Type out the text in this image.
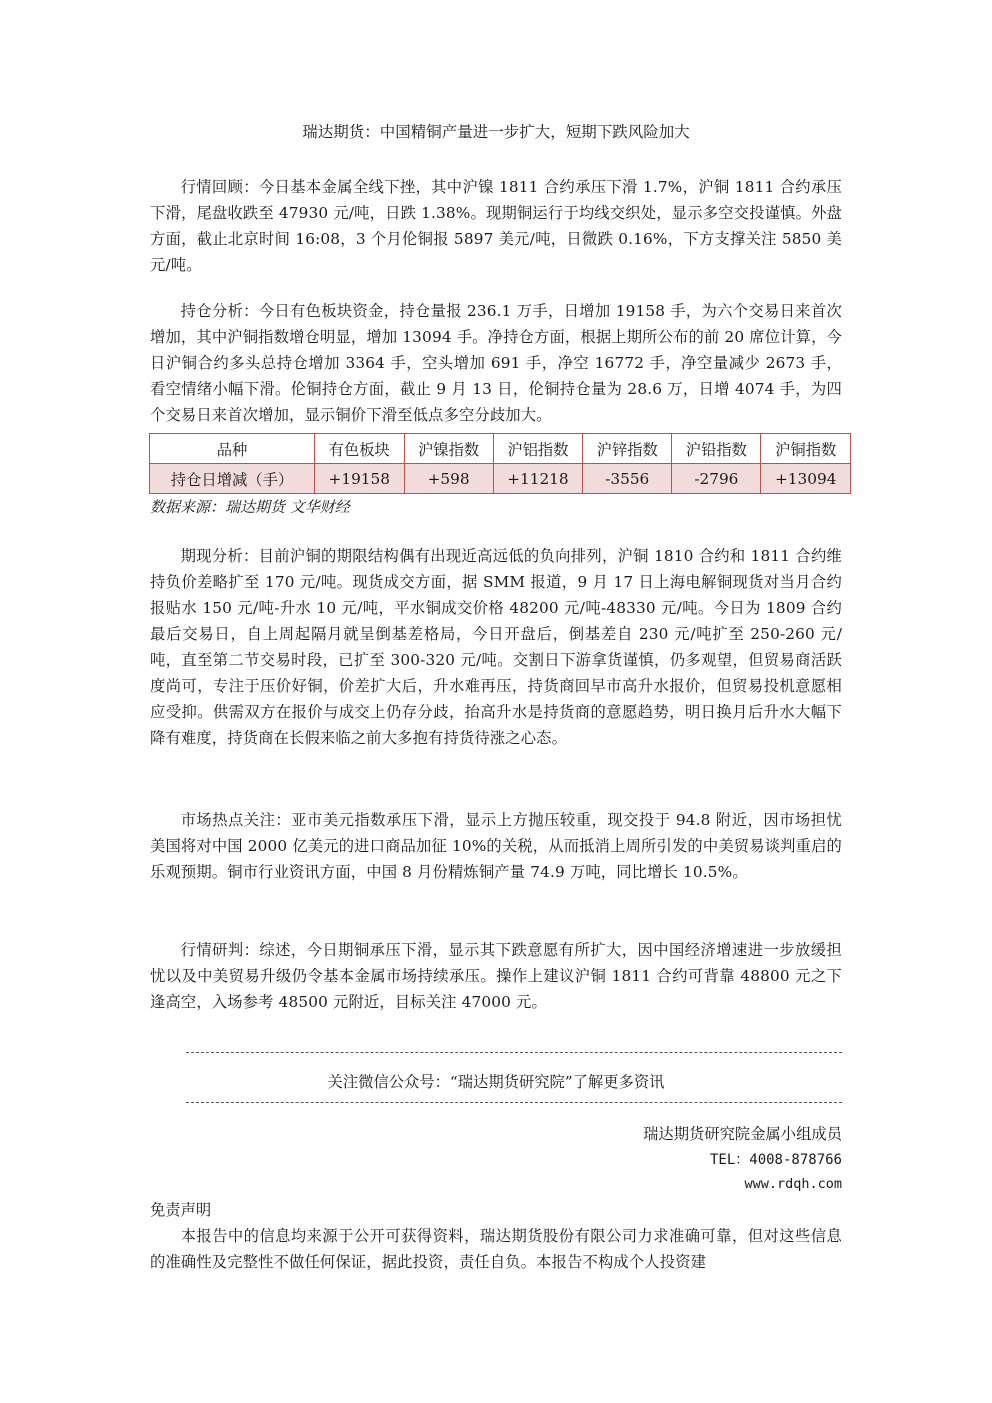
瑞达期货：中国精铜产量进一步扩大，短期下跌风险加大

行情回顾：今日基本金属全线下挫，其中沪镍 1811 合约承压下滑 1.7%，沪铜 1811 合约承压下滑，尾盘收跌至 47930 元/吨，日跌 1.38%。现期铜运行于均线交织处，显示多空交投谨慎。外盘方面，截止北京时间 16:08，3 个月伦铜报 5897 美元/吨，日微跌 0.16%，下方支撑关注 5850 美元/吨。

持仓分析：今日有色板块资金，持仓量报 236.1 万手，日增加 19158 手，为六个交易日来首次增加，其中沪铜指数增仓明显，增加 13094 手。净持仓方面，根据上期所公布的前 20 席位计算，今日沪铜合约多头总持仓增加 3364 手，空头增加 691 手，净空 16772 手，净空量减少 2673 手，看空情绪小幅下滑。伦铜持仓方面，截止 9 月 13 日，伦铜持仓量为 28.6 万，日增 4074 手，为四个交易日来首次增加，显示铜价下滑至低点多空分歧加大。

品种	有色板块	沪镍指数	沪铝指数	沪锌指数	沪铅指数	沪铜指数
持仓日增减（手）	+19158	+598	+11218	-3556	-2796	+13094
数据来源：瑞达期货 文华财经

期现分析：目前沪铜的期限结构偶有出现近高远低的负向排列，沪铜 1810 合约和 1811 合约维持负价差略扩至 170 元/吨。现货成交方面，据 SMM 报道，9 月 17 日上海电解铜现货对当月合约报贴水 150 元/吨-升水 10 元/吨，平水铜成交价格 48200 元/吨-48330 元/吨。今日为 1809 合约最后交易日，自上周起隔月就呈倒基差格局，今日开盘后，倒基差自 230 元/吨扩至 250-260 元/吨，直至第二节交易时段，已扩至 300-320 元/吨。交割日下游拿货谨慎，仍多观望，但贸易商活跃度尚可，专注于压价好铜，价差扩大后，升水难再压，持货商回早市高升水报价，但贸易投机意愿相应受抑。供需双方在报价与成交上仍存分歧，抬高升水是持货商的意愿趋势，明日换月后升水大幅下降有难度，持货商在长假来临之前大多抱有持货待涨之心态。

市场热点关注：亚市美元指数承压下滑，显示上方抛压较重，现交投于 94.8 附近，因市场担忧美国将对中国 2000 亿美元的进口商品加征 10%的关税，从而抵消上周所引发的中美贸易谈判重启的乐观预期。铜市行业资讯方面，中国 8 月份精炼铜产量 74.9 万吨，同比增长 10.5%。

行情研判：综述，今日期铜承压下滑，显示其下跌意愿有所扩大，因中国经济增速进一步放缓担忧以及中美贸易升级仍令基本金属市场持续承压。操作上建议沪铜 1811 合约可背靠 48800 元之下逢高空，入场参考 48500 元附近，目标关注 47000 元。

关注微信公众号：“瑞达期货研究院”了解更多资讯
瑞达期货研究院金属小组成员
TEL：4008-878766
www.rdqh.com
免责声明

本报告中的信息均来源于公开可获得资料，瑞达期货股份有限公司力求准确可靠，但对这些信息的准确性及完整性不做任何保证，据此投资，责任自负。本报告不构成个人投资建
